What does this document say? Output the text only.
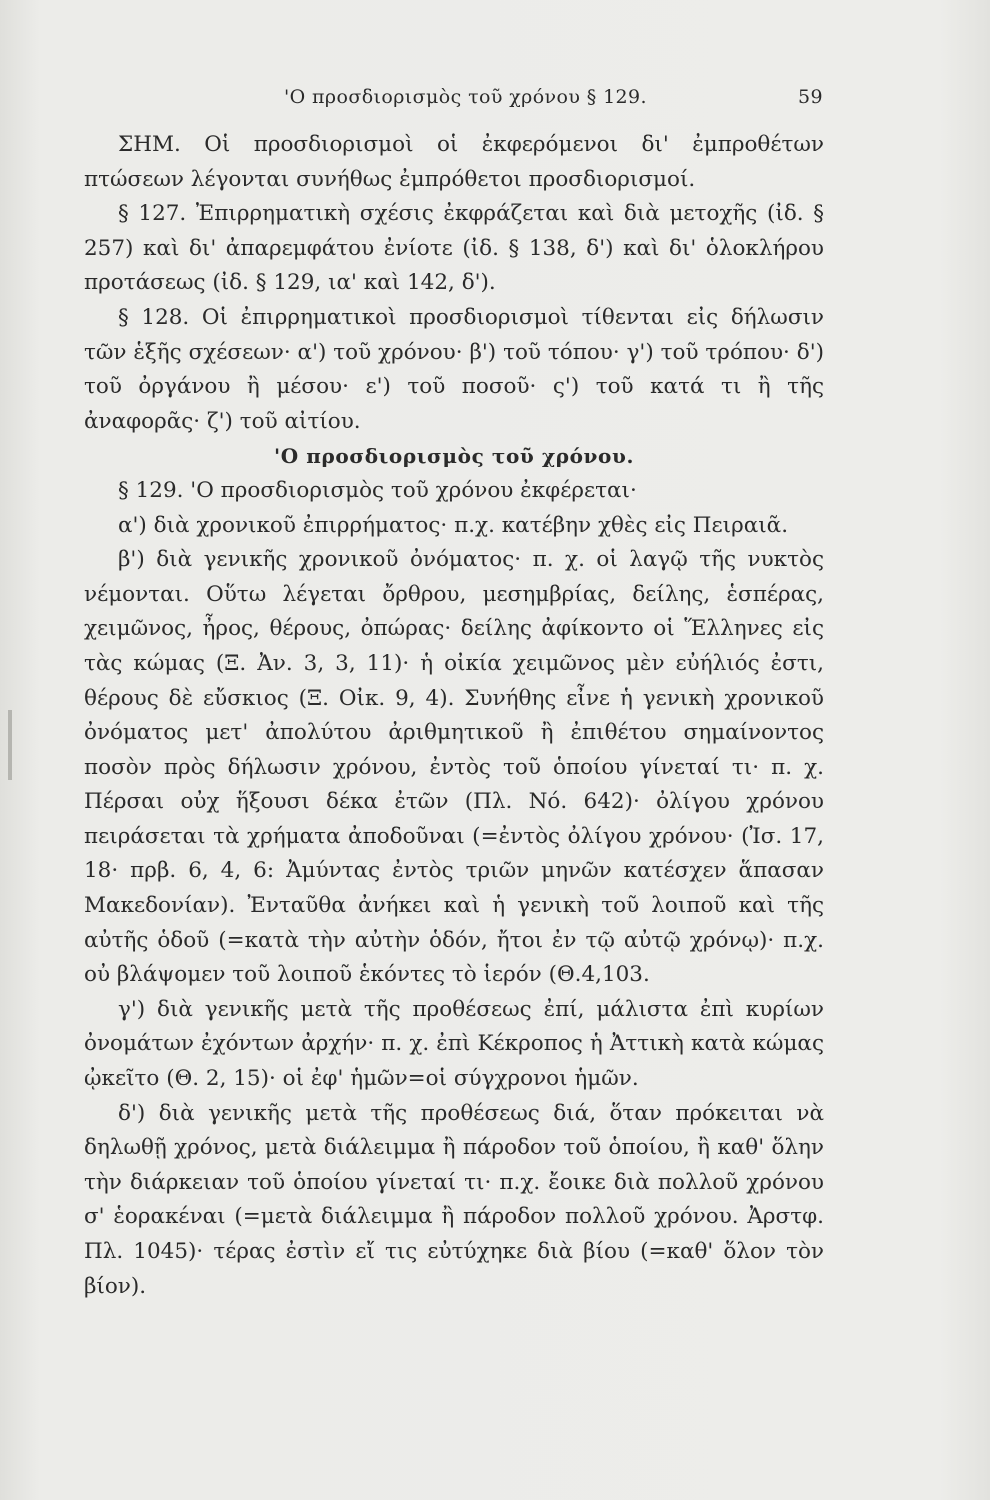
'Ο προσδιορισμὸς τοῦ χρόνου § 129.	59

ΣΗΜ. Οἱ προσδιορισμοὶ οἱ ἐκφερόμενοι δι' ἐμπροθέτων πτώσεων λέγονται συνήθως ἐμπρόθετοι προσδιορισμοί.

§ 127. Ἐπιρρηματικὴ σχέσις ἐκφράζεται καὶ διὰ μετοχῆς (ἰδ. § 257) καὶ δι' ἀπαρεμφάτου ἐνίοτε (ἰδ. § 138, δ') καὶ δι' ὁλοκλήρου προτάσεως (ἰδ. § 129, ια' καὶ 142, δ').

§ 128. Οἱ ἐπιρρηματικοὶ προσδιορισμοὶ τίθενται εἰς δήλωσιν τῶν ἑξῆς σχέσεων· α') τοῦ χρόνου· β') τοῦ τόπου· γ') τοῦ τρόπου· δ') τοῦ ὀργάνου ἢ μέσου· ε') τοῦ ποσοῦ· ς') τοῦ κατά τι ἢ τῆς ἀναφορᾶς· ζ') τοῦ αἰτίου.

'Ο προσδιορισμὸς τοῦ χρόνου.

§ 129. 'Ο προσδιορισμὸς τοῦ χρόνου ἐκφέρεται·

α') διὰ χρονικοῦ ἐπιρρήματος· π.χ. κατέβην χθὲς εἰς Πειραιᾶ.

β') διὰ γενικῆς χρονικοῦ ὀνόματος· π. χ. οἱ λαγῷ τῆς νυκτὸς νέμονται. Οὕτω λέγεται ὄρθρου, μεσημβρίας, δείλης, ἑσπέρας, χειμῶνος, ἦρος, θέρους, ὀπώρας· δείλης ἀφίκοντο οἱ Ἕλληνες εἰς τὰς κώμας (Ξ. Ἀν. 3, 3, 11)· ἡ οἰκία χειμῶνος μὲν εὐήλιός ἐστι, θέρους δὲ εὔσκιος (Ξ. Οἰκ. 9, 4). Συνήθης εἶνε ἡ γενικὴ χρονικοῦ ὀνόματος μετ' ἀπολύτου ἀριθμητικοῦ ἢ ἐπιθέτου σημαίνοντος ποσὸν πρὸς δήλωσιν χρόνου, ἐντὸς τοῦ ὁποίου γίνεταί τι· π. χ. Πέρσαι οὐχ ἥξουσι δέκα ἐτῶν (Πλ. Νό. 642)· ὀλίγου χρόνου πειράσεται τὰ χρήματα ἀποδοῦναι (=ἐντὸς ὀλίγου χρόνου· (Ἰσ. 17, 18· πρβ. 6, 4, 6: Ἀμύντας ἐντὸς τριῶν μηνῶν κατέσχεν ἅπασαν Μακεδονίαν). Ἐνταῦθα ἀνήκει καὶ ἡ γενικὴ τοῦ λοιποῦ καὶ τῆς αὐτῆς ὁδοῦ (=κατὰ τὴν αὐτὴν ὁδόν, ἤτοι ἐν τῷ αὐτῷ χρόνῳ)· π.χ. οὐ βλάψομεν τοῦ λοιποῦ ἑκόντες τὸ ἱερόν (Θ.4,103.

γ') διὰ γενικῆς μετὰ τῆς προθέσεως ἐπί, μάλιστα ἐπὶ κυρίων ὀνομάτων ἐχόντων ἀρχήν· π. χ. ἐπὶ Κέκροπος ἡ Ἀττικὴ κατὰ κώμας ᾠκεῖτο (Θ. 2, 15)· οἱ ἐφ' ἡμῶν=οἱ σύγχρονοι ἡμῶν.

δ') διὰ γενικῆς μετὰ τῆς προθέσεως διά, ὅταν πρόκειται νὰ δηλωθῇ χρόνος, μετὰ διάλειμμα ἢ πάροδον τοῦ ὁποίου, ἢ καθ' ὅλην τὴν διάρκειαν τοῦ ὁποίου γίνεταί τι· π.χ. ἔοικε διὰ πολλοῦ χρόνου σ' ἑορακέναι (=μετὰ διάλειμμα ἢ πάροδον πολλοῦ χρόνου. Ἀρστφ. Πλ. 1045)· τέρας ἐστὶν εἴ τις εὐτύχηκε διὰ βίου (=καθ' ὅλον τὸν βίον).
